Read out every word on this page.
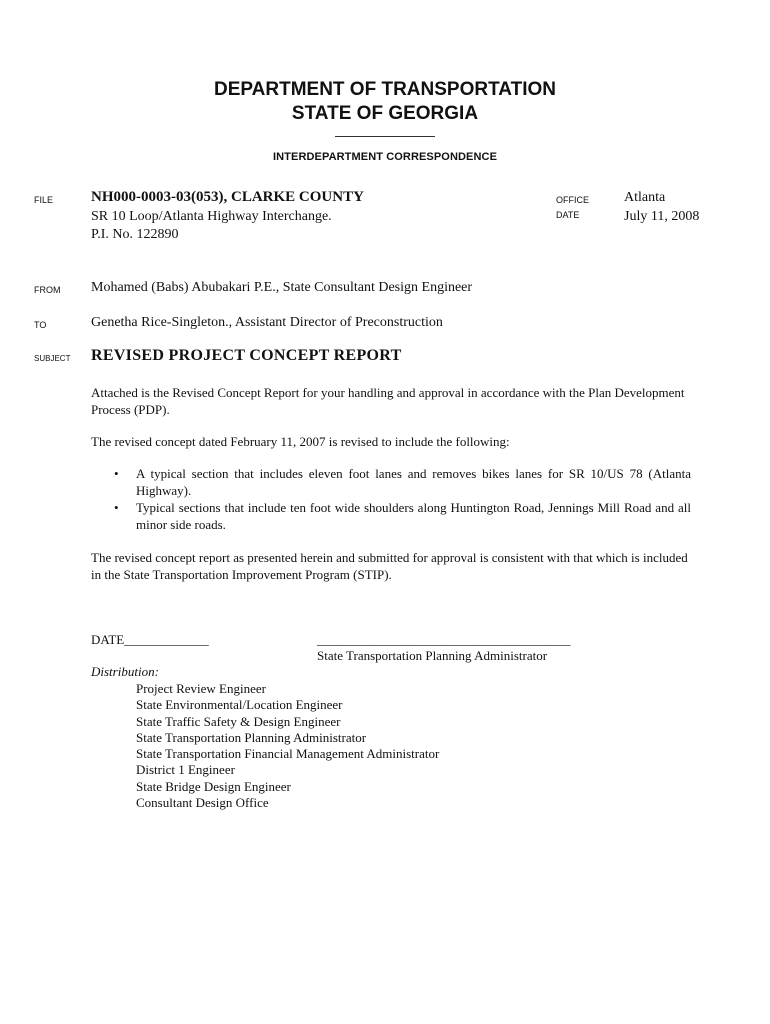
DEPARTMENT OF TRANSPORTATION
STATE OF GEORGIA
INTERDEPARTMENT CORRESPONDENCE
FILE	NH000-0003-03(053), CLARKE COUNTY
SR 10 Loop/Atlanta Highway Interchange.
P.I. No. 122890
OFFICE	Atlanta
DATE	July 11, 2008
FROM Mohamed (Babs) Abubakari P.E., State Consultant Design Engineer
TO	Genetha Rice-Singleton., Assistant Director of Preconstruction
SUBJECT REVISED PROJECT CONCEPT REPORT
Attached is the Revised Concept Report for your handling and approval in accordance with the Plan Development Process (PDP).
The revised concept dated February 11, 2007 is revised to include the following:
• A typical section that includes eleven foot lanes and removes bikes lanes for SR 10/US 78 (Atlanta Highway).
• Typical sections that include ten foot wide shoulders along Huntington Road, Jennings Mill Road and all minor side roads.
The revised concept report as presented herein and submitted for approval is consistent with that which is included in the State Transportation Improvement Program (STIP).
DATE_____________	_______________________________________
State Transportation Planning Administrator
Distribution:
Project Review Engineer
State Environmental/Location Engineer
State Traffic Safety & Design Engineer
State Transportation Planning Administrator
State Transportation Financial Management Administrator
District 1 Engineer
State Bridge Design Engineer
Consultant Design Office
